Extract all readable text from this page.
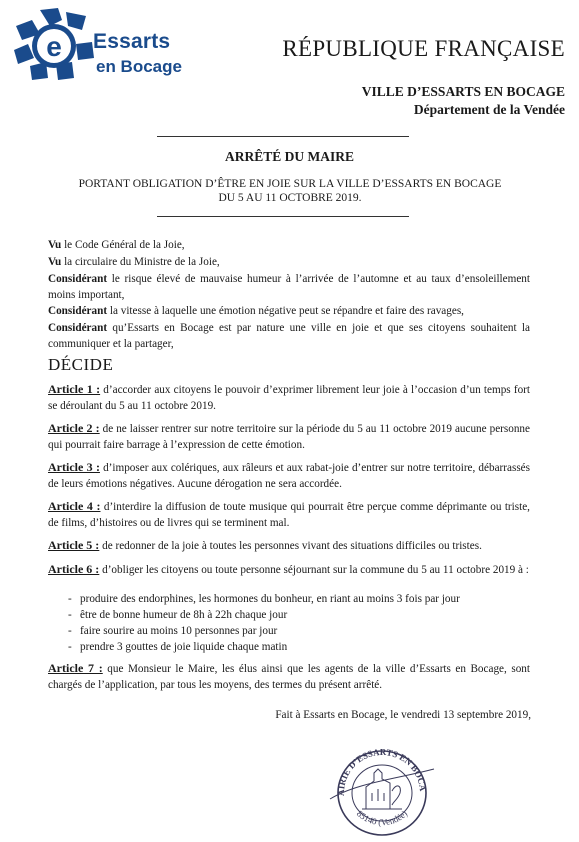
e Essarts
en Bocage
RÉPUBLIQUE FRANÇAISE
VILLE D’ESSARTS EN BOCAGE
Département de la Vendée
ARRÊTÉ DU MAIRE
PORTANT OBLIGATION D’ÊTRE EN JOIE SUR LA VILLE D’ESSARTS EN BOCAGE
DU 5 AU 11 OCTOBRE 2019.
Vu le Code Général de la Joie,
Vu la circulaire du Ministre de la Joie,
Considérant le risque élevé de mauvaise humeur à l’arrivée de l’automne et au taux d’ensoleillement moins important,
Considérant la vitesse à laquelle une émotion négative peut se répandre et faire des ravages,
Considérant qu’Essarts en Bocage est par nature une ville en joie et que ses citoyens souhaitent la communiquer et la partager,
DÉCIDE
Article 1 : d’accorder aux citoyens le pouvoir d’exprimer librement leur joie à l’occasion d’un temps fort se déroulant du 5 au 11 octobre 2019.
Article 2 : de ne laisser rentrer sur notre territoire sur la période du 5 au 11 octobre 2019 aucune personne qui pourrait faire barrage à l’expression de cette émotion.
Article 3 : d’imposer aux colériques, aux râleurs et aux rabat-joie d’entrer sur notre territoire, débarrassés de leurs émotions négatives. Aucune dérogation ne sera accordée.
Article 4 : d’interdire la diffusion de toute musique qui pourrait être perçue comme déprimante ou triste, de films, d’histoires ou de livres qui se terminent mal.
Article 5 : de redonner de la joie à toutes les personnes vivant des situations difficiles ou tristes.
Article 6 : d’obliger les citoyens ou toute personne séjournant sur la commune du 5 au 11 octobre 2019 à :
- produire des endorphines, les hormones du bonheur, en riant au moins 3 fois par jour
- être de bonne humeur de 8h à 22h chaque jour
- faire sourire au moins 10 personnes par jour
- prendre 3 gouttes de joie liquide chaque matin
Article 7 : que Monsieur le Maire, les élus ainsi que les agents de la ville d’Essarts en Bocage, sont chargés de l’application, par tous les moyens, des termes du présent arrêté.
Fait à Essarts en Bocage, le vendredi 13 septembre 2019,
AIRIE D’ESSARTS EN BOCA
85140 (Vendée)
